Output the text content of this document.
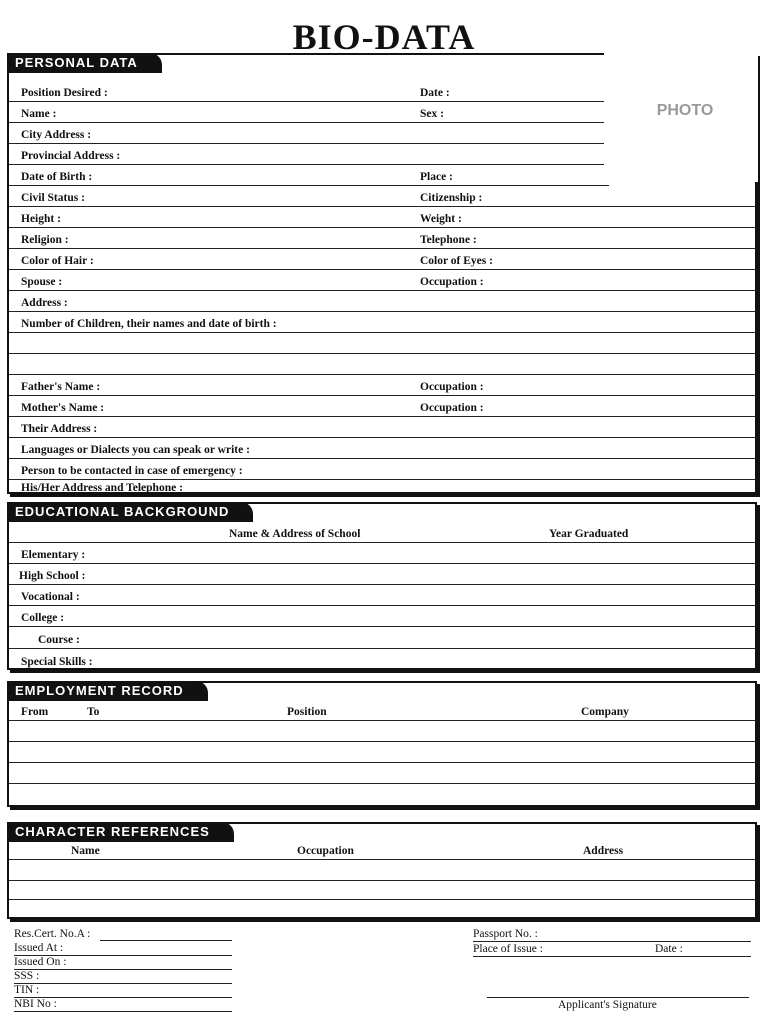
BIO-DATA
PERSONAL DATA
Position Desired :	Date :
Name :	Sex :
City Address :
Provincial Address :
Date of Birth :	Place :
Civil Status :	Citizenship :
Height :	Weight :
Religion :	Telephone :
Color of Hair :	Color of Eyes :
Spouse :	Occupation :
Address :
Number of Children, their names and date of birth :
Father's Name :	Occupation :
Mother's Name :	Occupation :
Their Address :
Languages or Dialects you can speak or write :
Person to be contacted in case of emergency :
His/Her Address and Telephone :
PHOTO
EDUCATIONAL BACKGROUND
Name & Address of School	Year Graduated
Elementary :
High School :
Vocational :
College :
Course :
Special Skills :
EMPLOYMENT RECORD
From	To	Position	Company
CHARACTER REFERENCES
Name	Occupation	Address
Res.Cert. No.A :
Issued At :
Issued On :
SSS :
TIN :
NBI No :
Passport No. :
Place of Issue :	Date :
Applicant's Signature
